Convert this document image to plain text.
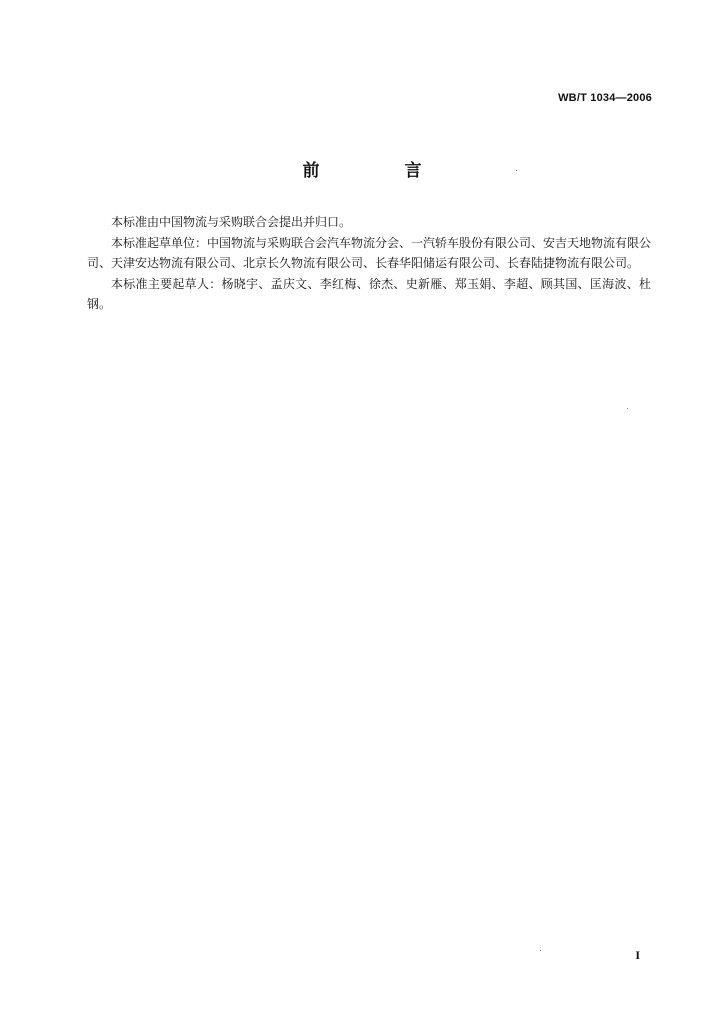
WB/T 1034—2006
前　言

本标准由中国物流与采购联合会提出并归口。

本标准起草单位：中国物流与采购联合会汽车物流分会、一汽轿车股份有限公司、安吉天地物流有限公司、天津安达物流有限公司、北京长久物流有限公司、长春华阳储运有限公司、长春陆捷物流有限公司。

本标准主要起草人：杨晓宇、孟庆文、李红梅、徐杰、史新雁、郑玉娟、李超、顾其国、匡海波、杜钢。

I
